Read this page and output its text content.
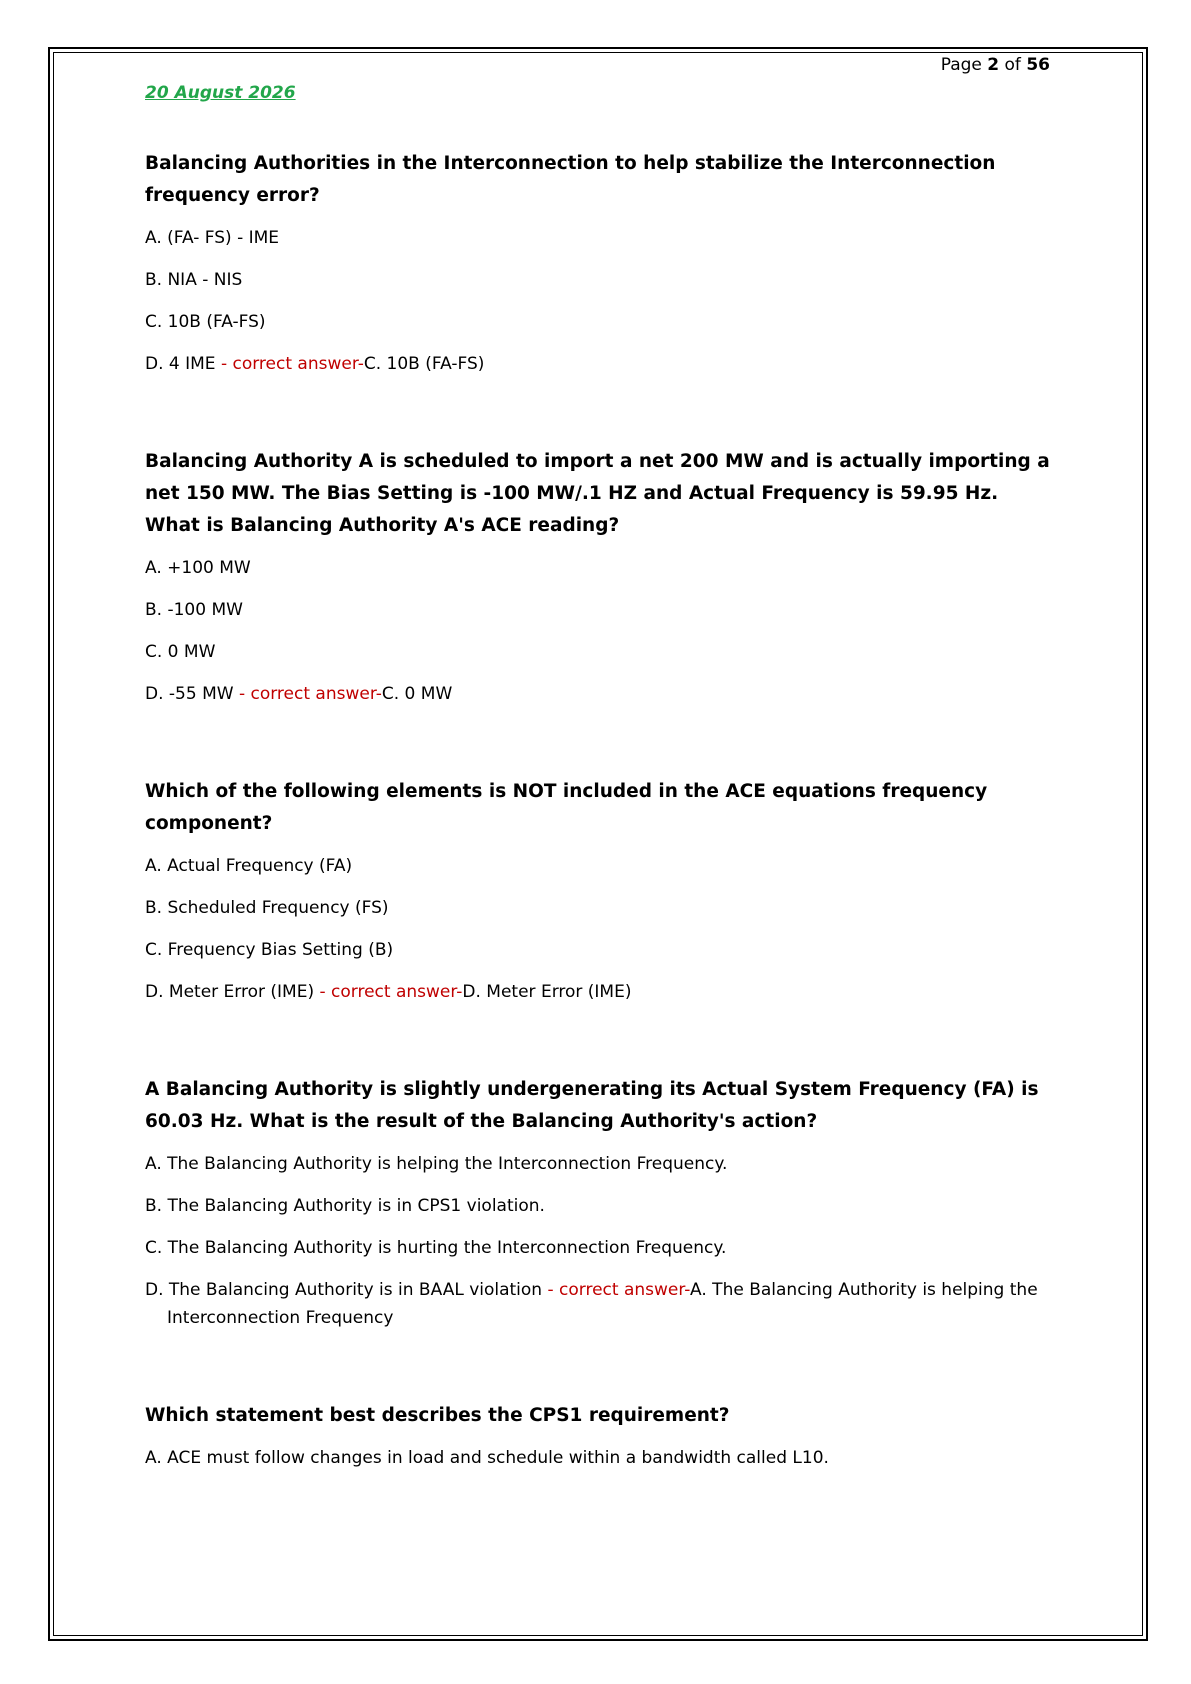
Page 2 of 56
20 August 2026

Balancing Authorities in the Interconnection to help stabilize the Interconnection frequency error?

A. (FA- FS) - IME

B. NIA - NIS

C. 10B (FA-FS)

D. 4 IME - correct answer-C. 10B (FA-FS)

Balancing Authority A is scheduled to import a net 200 MW and is actually importing a net 150 MW. The Bias Setting is -100 MW/.1 HZ and Actual Frequency is 59.95 Hz. What is Balancing Authority A's ACE reading?

A. +100 MW

B. -100 MW

C. 0 MW

D. -55 MW - correct answer-C. 0 MW

Which of the following elements is NOT included in the ACE equations frequency component?

A. Actual Frequency (FA)

B. Scheduled Frequency (FS)

C. Frequency Bias Setting (B)

D. Meter Error (IME) - correct answer-D. Meter Error (IME)

A Balancing Authority is slightly undergenerating its Actual System Frequency (FA) is 60.03 Hz. What is the result of the Balancing Authority's action?

A. The Balancing Authority is helping the Interconnection Frequency.

B. The Balancing Authority is in CPS1 violation.

C. The Balancing Authority is hurting the Interconnection Frequency.

D. The Balancing Authority is in BAAL violation - correct answer-A. The Balancing Authority is helping the Interconnection Frequency

Which statement best describes the CPS1 requirement?

A. ACE must follow changes in load and schedule within a bandwidth called L10.
